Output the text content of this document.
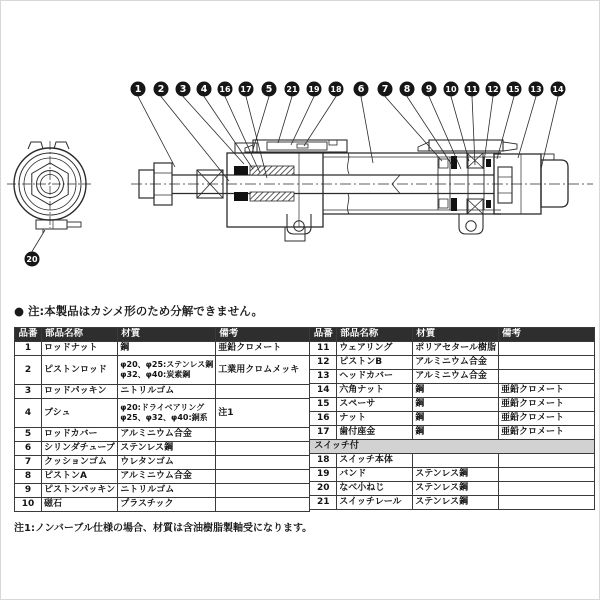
1 2 3 4 16 17 5 21 19 18 6 7 8 9 10 11 12 15 13 14
20
● 注:本製品はカシメ形のため分解できません。
品番	部品名称	材質	備考
1	ロッドナット	鋼	亜鉛クロメート
2	ピストンロッド	φ20、φ25:ステンレス鋼
φ32、φ40:炭素鋼	工業用クロムメッキ
3	ロッドパッキン	ニトリルゴム	
4	ブシュ	φ20:ドライベアリング
φ25、φ32、φ40:銅系	注1
5	ロッドカバー	アルミニウム合金	
6	シリンダチューブ	ステンレス鋼	
7	クッションゴム	ウレタンゴム	
8	ピストンA	アルミニウム合金	
9	ピストンパッキン	ニトリルゴム	
10	磁石	プラスチック	
品番	部品名称	材質	備考
11	ウェアリング	ポリアセタール樹脂	
12	ピストンB	アルミニウム合金	
13	ヘッドカバー	アルミニウム合金	
14	六角ナット	鋼	亜鉛クロメート
15	スペーサ	鋼	亜鉛クロメート
16	ナット	鋼	亜鉛クロメート
17	歯付座金	鋼	亜鉛クロメート
スイッチ付			
18	スイッチ本体		
19	バンド	ステンレス鋼	
20	なべ小ねじ	ステンレス鋼	
21	スイッチレール	ステンレス鋼	
注1:ノンバーブル仕様の場合、材質は含油樹脂製軸受になります。
